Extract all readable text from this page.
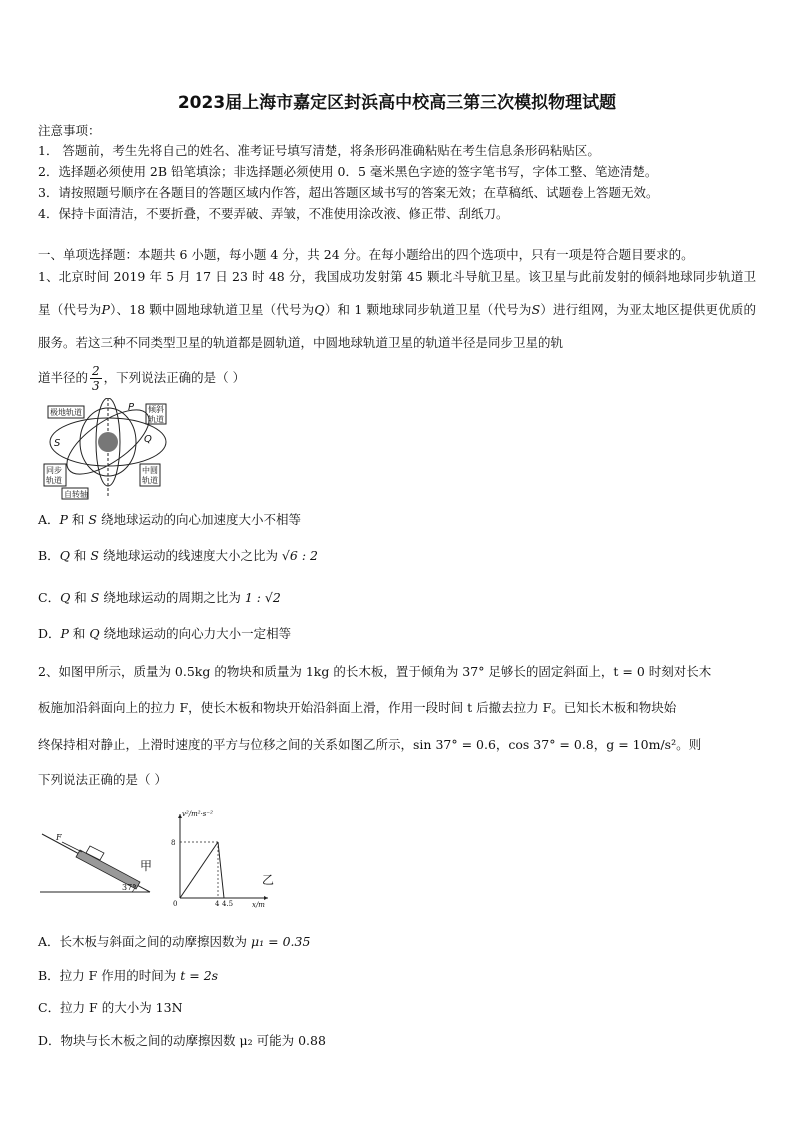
2023届上海市嘉定区封浜高中校高三第三次模拟物理试题
注意事项：
1． 答题前，考生先将自己的姓名、准考证号填写清楚，将条形码准确粘贴在考生信息条形码粘贴区。
2．选择题必须使用 2B 铅笔填涂；非选择题必须使用 0．5 毫米黑色字迹的签字笔书写，字体工整、笔迹清楚。
3．请按照题号顺序在各题目的答题区域内作答，超出答题区域书写的答案无效；在草稿纸、试题卷上答题无效。
4．保持卡面清洁，不要折叠，不要弄破、弄皱，不准使用涂改液、修正带、刮纸刀。
一、单项选择题：本题共 6 小题，每小题 4 分，共 24 分。在每小题给出的四个选项中，只有一项是符合题目要求的。
1、北京时间 2019 年 5 月 17 日 23 时 48 分，我国成功发射第 45 颗北斗导航卫星。该卫星与此前发射的倾斜地球同步轨道卫星（代号为P）、18 颗中圆地球轨道卫星（代号为Q）和 1 颗地球同步轨道卫星（代号为S）进行组网，为亚太地区提供更优质的服务。若这三种不同类型卫星的轨道都是圆轨道，中圆地球轨道卫星的轨道半径是同步卫星的轨
道半径的 $\frac{2}{3}$ ，下列说法正确的是（ ）
极地轨道	倾斜
轨道
P
S	Q
同步
轨道
中圆
轨道
自转轴
A．P 和 S 绕地球运动的向心加速度大小不相等
B．Q 和 S 绕地球运动的线速度大小之比为 √6 : 2
C．Q 和 S 绕地球运动的周期之比为 1 : √2
D．P 和 Q 绕地球运动的向心力大小一定相等
2、如图甲所示，质量为 0.5kg 的物块和质量为 1kg 的长木板，置于倾角为 37° 足够长的固定斜面上，t = 0 时刻对长木
板施加沿斜面向上的拉力 F，使长木板和物块开始沿斜面上滑，作用一段时间 t 后撤去拉力 F。已知长木板和物块始
终保持相对静止，上滑时速度的平方与位移之间的关系如图乙所示，sin 37° = 0.6，cos 37° = 0.8，g = 10m/s²。则
下列说法正确的是（ ）
F
37°
甲
v²/m²·s⁻²
8
0	4 4.5	x/m
乙
A．长木板与斜面之间的动摩擦因数为 μ₁ = 0.35
B．拉力 F 作用的时间为 t = 2s
C．拉力 F 的大小为 13N
D．物块与长木板之间的动摩擦因数 μ₂ 可能为 0.88
